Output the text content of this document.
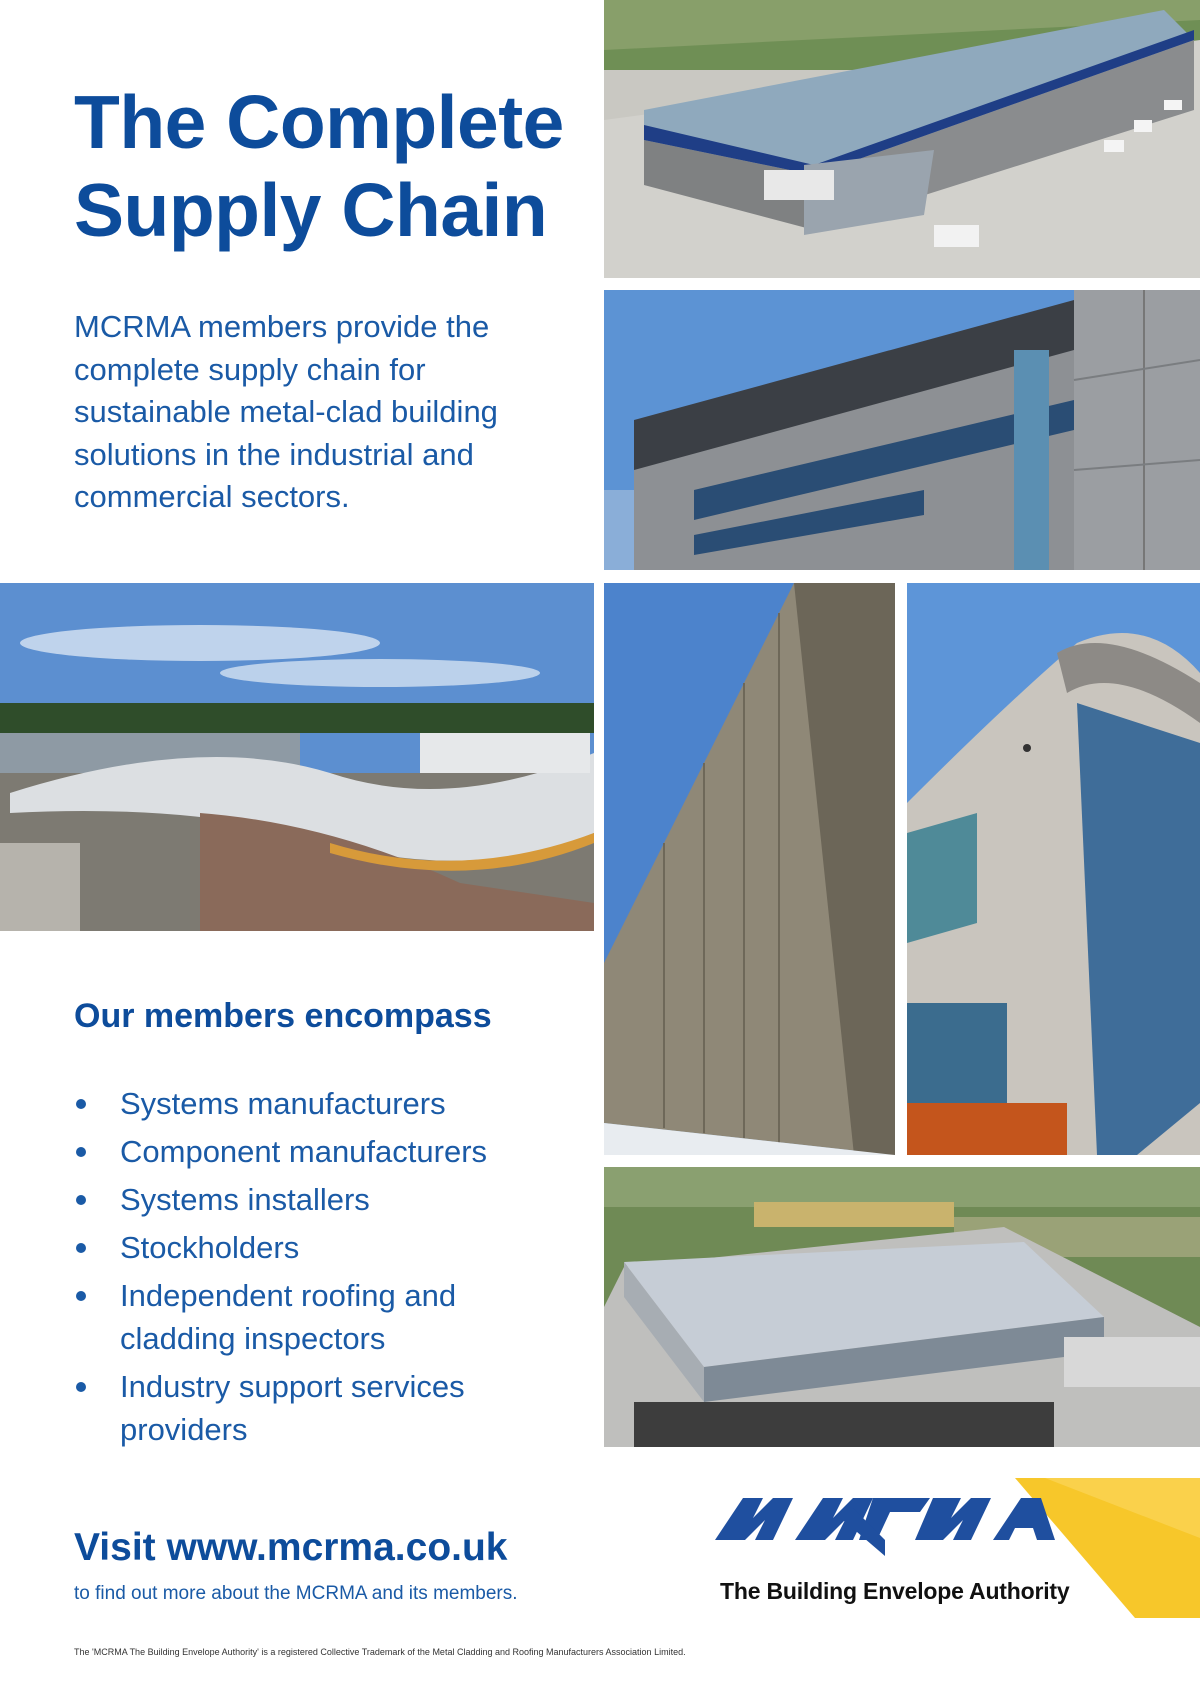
The Complete
Supply Chain

MCRMA members provide the complete supply chain for sustainable metal-clad building solutions in the industrial and commercial sectors.

Our members encompass
Systems manufacturers
Component manufacturers
Systems installers
Stockholders
Independent roofing and cladding inspectors
Industry support services providers

Visit www.mcrma.co.uk

to find out more about the MCRMA and its members.

The 'MCRMA The Building Envelope Authority' is a registered Collective Trademark of the Metal Cladding and Roofing Manufacturers Association Limited.

The Building Envelope Authority
